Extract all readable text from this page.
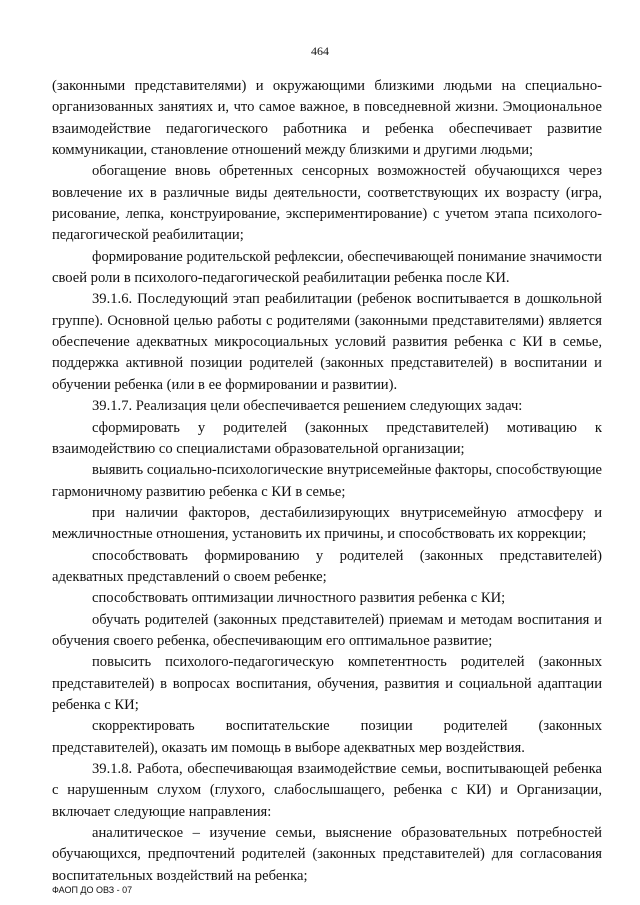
464

(законными представителями) и окружающими близкими людьми на специально-организованных занятиях и, что самое важное, в повседневной жизни. Эмоциональное взаимодействие педагогического работника и ребенка обеспечивает развитие коммуникации, становление отношений между близкими и другими людьми;

обогащение вновь обретенных сенсорных возможностей обучающихся через вовлечение их в различные виды деятельности, соответствующих их возрасту (игра, рисование, лепка, конструирование, экспериментирование) с учетом этапа психолого-педагогической реабилитации;

формирование родительской рефлексии, обеспечивающей понимание значимости своей роли в психолого-педагогической реабилитации ребенка после КИ.

39.1.6. Последующий этап реабилитации (ребенок воспитывается в дошкольной группе). Основной целью работы с родителями (законными представителями) является обеспечение адекватных микросоциальных условий развития ребенка с КИ в семье, поддержка активной позиции родителей (законных представителей) в воспитании и обучении ребенка (или в ее формировании и развитии).

39.1.7. Реализация цели обеспечивается решением следующих задач:

сформировать у родителей (законных представителей) мотивацию к взаимодействию со специалистами образовательной организации;

выявить социально-психологические внутрисемейные факторы, способствующие гармоничному развитию ребенка с КИ в семье;

при наличии факторов, дестабилизирующих внутрисемейную атмосферу и межличностные отношения, установить их причины, и способствовать их коррекции;

способствовать формированию у родителей (законных представителей) адекватных представлений о своем ребенке;

способствовать оптимизации личностного развития ребенка с КИ;

обучать родителей (законных представителей) приемам и методам воспитания и обучения своего ребенка, обеспечивающим его оптимальное развитие;

повысить психолого-педагогическую компетентность родителей (законных представителей) в вопросах воспитания, обучения, развития и социальной адаптации ребенка с КИ;

скорректировать воспитательские позиции родителей (законных представителей), оказать им помощь в выборе адекватных мер воздействия.

39.1.8. Работа, обеспечивающая взаимодействие семьи, воспитывающей ребенка с нарушенным слухом (глухого, слабослышащего, ребенка с КИ) и Организации, включает следующие направления:

аналитическое – изучение семьи, выяснение образовательных потребностей обучающихся, предпочтений родителей (законных представителей) для согласования воспитательных воздействий на ребенка;

ФАОП ДО ОВЗ - 07
